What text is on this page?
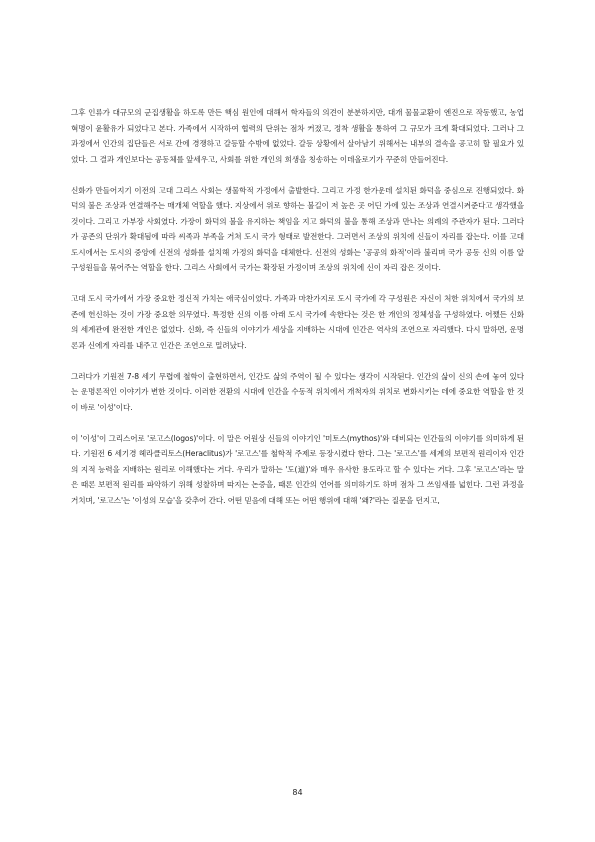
그후 인류가 대규모의 군집생활을 하도록 만든 핵심 원인에 대해서 학자들의 의견이 분분하지만, 대개 물물교환이 엔진으로 작동했고, 농업혁명이 윤활유가 되었다고 본다. 가족에서 시작하여 협력의 단위는 점차 커졌고, 정착 생활을 통하여 그 규모가 크게 확대되었다. 그러나 그 과정에서 인간의 집단들은 서로 간에 경쟁하고 갈등할 수밖에 없었다. 갈등 상황에서 살아남기 위해서는 내부의 결속을 공고히 할 필요가 있었다. 그 결과 개인보다는 공동체를 앞세우고, 사회를 위한 개인의 희생을 칭송하는 이데올로기가 꾸준히 만들어진다.

신화가 만들어지기 이전의 고대 그리스 사회는 생물학적 가정에서 출발한다. 그리고 가정 한가운데 설치된 화덕을 중심으로 진행되었다. 화덕의 불은 조상과 연결해주는 매개체 역할을 했다. 지상에서 위로 향하는 불길이 저 높은 곳 어딘 가에 있는 조상과 연결시켜준다고 생각했을 것이다. 그리고 가부장 사회였다. 가장이 화덕의 불을 유지하는 책임을 지고 화덕의 불을 통해 조상과 만나는 의례의 주관자가 된다. 그러다가 공존의 단위가 확대됨에 따라 씨족과 부족을 거쳐 도시 국가 형태로 발전한다. 그러면서 조상의 위치에 신들이 자리를 잡는다. 이를 고대 도시에서는 도시의 중앙에 신전의 성화를 설치해 가정의 화덕을 대체한다. 신전의 성화는 '공공의 화적'이라 불리며 국가 공동 신의 이름 알 구성원들을 묶어주는 역할을 한다. 그리스 사회에서 국가는 확장된 가정이며 조상의 위치에 신이 자리 잡은 것이다.

고대 도시 국가에서 가장 중요한 정신적 가치는 애국심이었다. 가족과 마찬가지로 도시 국가에 각 구성원은 자신이 처한 위치에서 국가의 보존에 헌신하는 것이 가장 중요한 의무였다. 특정한 신의 이름 아래 도시 국가에 속한다는 것은 한 개인의 정체성을 구성하였다. 어쨌든 신화의 세계관에 완전한 개인은 없었다. 신화, 즉 신들의 이야기가 세상을 지배하는 시대에 인간은 역사의 조연으로 자리했다. 다시 말하면, 운명론과 신에게 자리를 내주고 인간은 조연으로 밀려났다.

그러다가 기원전 7-8 세기 무렵에 철학이 출현하면서, 인간도 삶의 주역이 될 수 있다는 생각이 시작된다. 인간의 삶이 신의 손에 놓여 있다는 운명론적인 이야기가 변한 것이다. 이러한 전환의 시대에 인간을 수동적 위치에서 개척자의 위치로 변화시키는 데에 중요한 역할을 한 것이 바로 '이성'이다.

이 '이성'이 그리스어로 '로고스(logos)'이다. 이 말은 어원상 신들의 이야기인 '미토스(mythos)'와 대비되는 인간들의 이야기를 의미하게 된다. 기원전 6 세기경 헤라클리토스(Heraclitus)가 '로고스'를 철학적 주제로 등장시켰다 한다. 그는 '로고스'를 세계의 보편적 원리이자 인간의 지적 능력을 지배하는 원리로 이해했다는 거다. 우리가 말하는 '도(道)'와 매우 유사한 용도라고 할 수 있다는 거다. 그후 '로고스'라는 말은 때론 보편적 원리를 파악하기 위해 성찰하며 따지는 논증을, 때론 인간의 언어를 의미하기도 하며 점차 그 쓰임새를 넓힌다. 그런 과정을 거치며, '로고스'는 '이성의 모습'을 갖추어 간다. 어떤 믿음에 대해 또는 어떤 행위에 대해 '왜?'라는 질문을 던지고,

84
